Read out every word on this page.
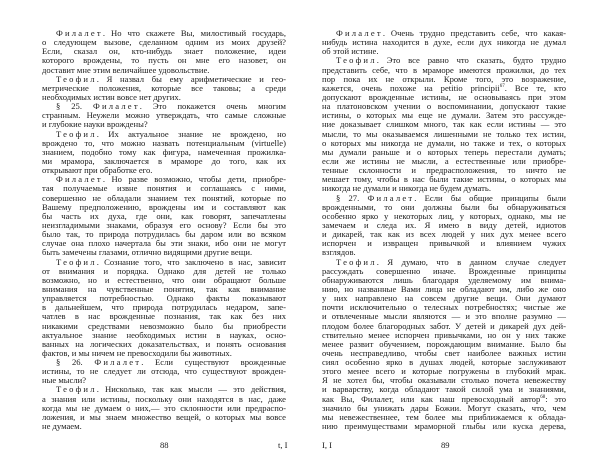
Филалет. Но что скажете Вы, милостивый государь,
о следующем вызове, сделанном одним из моих друзей?
Если, сказал он, кто-нибудь знает положение, идеи
которого врождены, то пусть он мне его назовет, он
доставит мне этим величайшее удовольствие.
Теофил. Я назвал бы ему арифметические и гео-
метрические положения, которые все таковы; а среди
необходимых истин вовсе нет других.
§ 25. Филалет. Это покажется очень многим
странным. Неужели можно утверждать, что самые сложные
и глубокие науки врождены?
Теофил. Их актуальное знание не врождено, но
врождено то, что можно назвать потенциальным (virtuelle)
знанием, подобно тому как фигура, намеченная прожилка-
ми мрамора, заключается в мраморе до того, как их
открывают при обработке его.
Филалет. Но разве возможно, чтобы дети, приобре-
тая получаемые извне понятия и соглашаясь с ними,
совершенно не обладали знанием тех понятий, которые по
Вашему предположению, врождены им и составляют как
бы часть их духа, где они, как говорят, запечатлены
неизгладимыми знаками, образуя его основу? Если бы это
было так, то природа потрудилась бы даром или во всяком
случае она плохо начертала бы эти знаки, ибо они не могут
быть замечены глазами, отлично видящими другие вещи.
Теофил. Сознание того, что заключено в нас, зависит
от внимания и порядка. Однако для детей не только
возможно, но и естественно, что они обращают больше
внимания на чувственные понятия, так как внимание
управляется потребностью. Однако факты показывают
в дальнейшем, что природа потрудилась недаром, запе-
чатлев в нас врожденные познания, так как без них
никакими средствами невозможно было бы приобрести
актуальное знание необходимых истин в науках, осно-
ванных на логических доказательствах, и понять основания
фактов, и мы ничем не превосходили бы животных.
§ 26. Филалет. Если существуют врожденные
истины, то не следует ли отсюда, что существуют врожден-
ные мысли?
Теофил. Нисколько, так как мысли — это действия,
а знания или истины, поскольку они находятся в нас, даже
когда мы не думаем о них,— это склонности или предраспо-
ложения, и мы знаем множество вещей, о которых мы вовсе
не думаем.
88	t, I
Филалет. Очень трудно представить себе, что какая-
нибудь истина находится в духе, если дух никогда не думал
об этой истине.
Теофил. Это все равно что сказать, будто трудно
представить себе, что в мраморе имеются прожилки, до тех
пор пока их не открыли. Кроме того, это возражение,
кажется, очень похоже на petitio principii$^{67}$. Все те, кто
допускают врожденные истины, не основываясь при этом
на платоновском учении о воспоминании, допускают такие
истины, о которых мы еще не думали. Затем это рассужде-
ние доказывает слишком много, так как если истины — это
мысли, то мы оказываемся лишенными не только тех истин,
о которых мы никогда не думали, но также и тех, о которых
мы думали раньше и о которых теперь перестали думать;
если же истины не мысли, а естественные или приобре-
тенные склонности и предрасположения, то ничто не
мешает тому, чтобы в нас были такие истины, о которых мы
никогда не думали и никогда не будем думать.
§ 27. Филалет. Если бы общие принципы были
врожденными, то они должны были бы обнаруживаться
особенно ярко у некоторых лиц, у которых, однако, мы не
замечаем и следа их. Я имею в виду детей, идиотов
и дикарей, так как из всех людей у них дух менее всего
испорчен и извращен привычкой и влиянием чужих
взглядов.
Теофил. Я думаю, что в данном случае следует
рассуждать совершенно иначе. Врожденные принципы
обнаруживаются лишь благодаря уделяемому им внима-
нию, но названные Вами лица не обладают им, либо же оно
у них направлено на совсем другие вещи. Они думают
почти исключительно о телесных потребностях; чистые же
и отвлеченные мысли являются — и это вполне разумно —
плодом более благородных забот. У детей и дикарей дух дей-
ствительно менее испорчен привычками, но он у них также
менее развит обучением, порождающим внимание. Было бы
очень несправедливо, чтобы свет наиболее важных истин
сиял особенно ярко в душах людей, которые заслуживают
этого менее всего и которые погружены в глубокий мрак.
Я не хотел бы, чтобы оказывали столько почета невежеству
и варварству, когда обладают такой силой ума и знаниями,
как Вы, Филалет, или как наш превосходный автор$^{68}$: это
значило бы унижать дары Божии. Могут сказать, что, чем
мы невежественнее, тем более мы приближаемся к облада-
нию преимуществами мраморной глыбы или куска дерева,
I, I	89
